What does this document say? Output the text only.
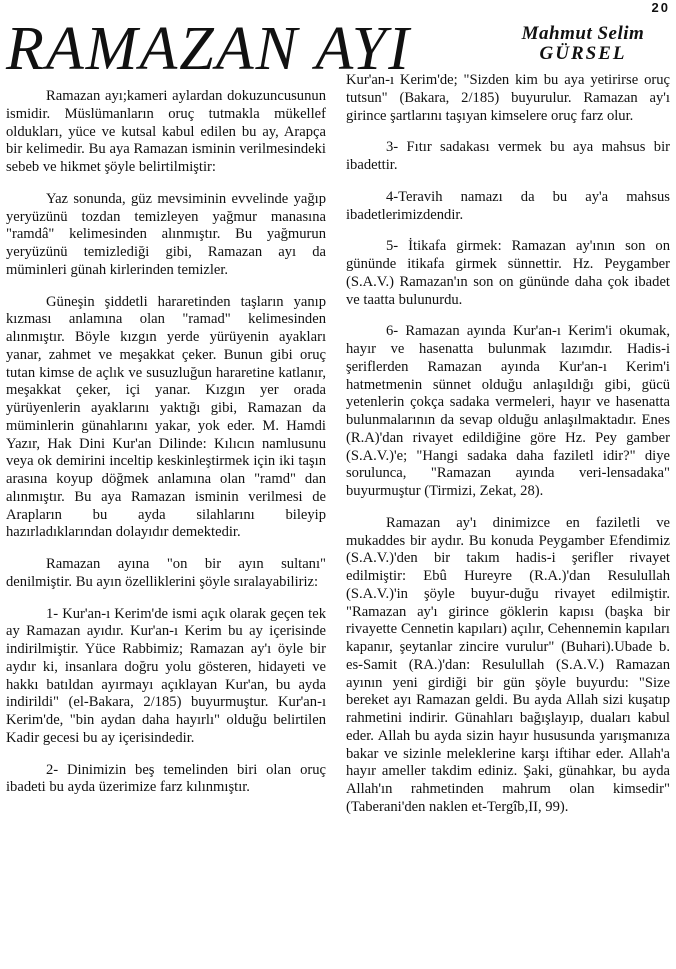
20
RAMAZAN AYI	Mahmut Selim
GÜRSEL

Ramazan ayı;kameri aylardan dokuzuncusunun ismidir. Müslümanların oruç tutmakla mükellef oldukları, yüce ve kutsal kabul edilen bu ay, Arapça bir kelimedir. Bu aya Ramazan isminin verilmesindeki sebeb ve hikmet şöyle belirtilmiştir:

Yaz sonunda, güz mevsiminin evvelinde yağıp yeryüzünü tozdan temizleyen yağmur manasına "ramdâ" kelimesinden alınmıştır. Bu yağmurun yeryüzünü temizlediği gibi, Ramazan ayı da müminleri günah kirlerinden temizler.

Güneşin şiddetli hararetinden taşların yanıp kızması anlamına olan "ramad" kelimesinden alınmıştır. Böyle kızgın yerde yürüyenin ayakları yanar, zahmet ve meşakkat çeker. Bunun gibi oruç tutan kimse de açlık ve susuzluğun hararetine katlanır, meşakkat çeker, içi yanar. Kızgın yer orada yürüyenlerin ayaklarını yaktığı gibi, Ramazan da müminlerin günahlarını yakar, yok eder. M. Hamdi Yazır, Hak Dini Kur'an Dilinde: Kılıcın namlusunu veya ok demirini inceltip keskinleştirmek için iki taşın arasına koyup döğmek anlamına olan "ramd" dan alınmıştır. Bu aya Ramazan isminin verilmesi de Arapların bu ayda silahlarını bileyip hazırladıklarından dolayıdır demektedir.

Ramazan ayına "on bir ayın sultanı" denilmiştir. Bu ayın özelliklerini şöyle sıralayabiliriz:

1- Kur'an-ı Kerim'de ismi açık olarak geçen tek ay Ramazan ayıdır. Kur'an-ı Kerim bu ay içerisinde indirilmiştir. Yüce Rabbimiz; Ramazan ay'ı öyle bir aydır ki, insanlara doğru yolu gösteren, hidayeti ve hakkı batıldan ayırmayı açıklayan Kur'an, bu ayda indirildi" (el-Bakara, 2/185) buyurmuştur. Kur'an-ı Kerim'de, "bin aydan daha hayırlı" olduğu belirtilen Kadir gecesi bu ay içerisindedir.

2- Dinimizin beş temelinden biri olan oruç ibadeti bu ayda üzerimize farz kılınmıştır.

Kur'an-ı Kerim'de; "Sizden kim bu aya yetirirse oruç tutsun" (Bakara, 2/185) buyurulur. Ramazan ay'ı girince şartlarını taşıyan kimselere oruç farz olur.

3- Fıtır sadakası vermek bu aya mahsus bir ibadettir.

4-Teravih namazı da bu ay'a mahsus ibadetlerimizdendir.

5- İtikafa girmek: Ramazan ay'ının son on gününde itikafa girmek sünnettir. Hz. Peygamber (S.A.V.) Ramazan'ın son on gününde daha çok ibadet ve taatta bulunurdu.

6- Ramazan ayında Kur'an-ı Kerim'i okumak, hayır ve hasenatta bulunmak lazımdır. Hadis-i şeriflerden Ramazan ayında Kur'an-ı Kerim'i hatmetmenin sünnet olduğu anlaşıldığı gibi, gücü yetenlerin çokça sadaka vermeleri, hayır ve hasenatta bulunmalarının da sevap olduğu anlaşılmaktadır. Enes (R.A)'dan rivayet edildiğine göre Hz. Pey gamber (S.A.V.)'e; "Hangi sadaka daha faziletl idir?" diye sorulunca, "Ramazan ayında veri-lensadaka" buyurmuştur (Tirmizi, Zekat, 28).

Ramazan ay'ı dinimizce en faziletli ve mukaddes bir aydır. Bu konuda Peygamber Efendimiz (S.A.V.)'den bir takım hadis-i şerifler rivayet edilmiştir: Ebû Hureyre (R.A.)'dan Resulullah (S.A.V.)'in şöyle buyur-duğu rivayet edilmiştir. "Ramazan ay'ı girince göklerin kapısı (başka bir rivayette Cennetin kapıları) açılır, Cehennemin kapıları kapanır, şeytanlar zincire vurulur" (Buhari).Ubade b. es-Samit (RA.)'dan: Resulullah (S.A.V.) Ramazan ayının yeni girdiği bir gün şöyle buyurdu: "Size bereket ayı Ramazan geldi. Bu ayda Allah sizi kuşatıp rahmetini indirir. Günahları bağışlayıp, duaları kabul eder. Allah bu ayda sizin hayır hususunda yarışmanıza bakar ve sizinle meleklerine karşı iftihar eder. Allah'a hayır ameller takdim ediniz. Şaki, günahkar, bu ayda Allah'ın rahmetinden mahrum olan kimsedir" (Taberani'den naklen et-Tergîb,II, 99).
